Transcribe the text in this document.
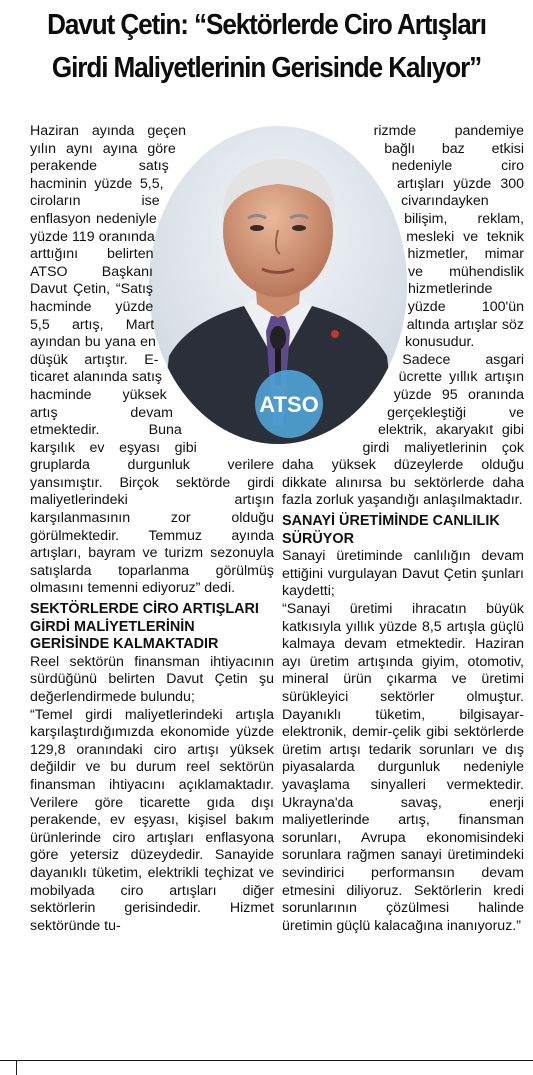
Davut Çetin: “Sektörlerde Ciro Artışları
Girdi Maliyetlerinin Gerisinde Kalıyor”
ATSO

Haziran ayında geçen yılın aynı ayına göre perakende satış hacminin yüzde 5,5, ciroların ise enflasyon nedeniyle yüzde 119 oranında arttığını belirten ATSO Başkanı Davut Çetin, “Satış hacminde yüzde 5,5 artış, Mart ayından bu yana en düşük artıştır. E-ticaret alanında satış hacminde yüksek artış devam etmektedir. Buna karşılık ev eşyası gibi gruplarda durgunluk verilere yansımıştır. Birçok sektörde girdi maliyetlerindeki artışın karşılanmasının zor olduğu görülmektedir. Temmuz ayında artışları, bayram ve turizm sezonuyla satışlarda toparlanma görülmüş olmasını temenni ediyoruz” dedi.

SEKTÖRLERDE CİRO ARTIŞLARI GİRDİ MALİYETLERİNİN GERİSİNDE KALMAKTADIR

Reel sektörün finansman ihtiyacının sürdüğünü belirten Davut Çetin şu değerlendirmede bulundu;

“Temel girdi maliyetlerindeki artışla karşılaştırdığımızda ekonomide yüzde 129,8 oranındaki ciro artışı yüksek değildir ve bu durum reel sektörün finansman ihtiyacını açıklamaktadır. Verilere göre ticarette gıda dışı perakende, ev eşyası, kişisel bakım ürünlerinde ciro artışları enflasyona göre yetersiz düzeydedir. Sanayide dayanıklı tüketim, elektrikli teçhizat ve mobilyada ciro artışları diğer sektörlerin gerisindedir. Hizmet sektöründe tu-

rizmde pandemiye bağlı baz etkisi nedeniyle ciro artışları yüzde 300 civarındayken bilişim, reklam, mesleki ve teknik hizmetler, mimar ve mühendislik hizmetlerinde yüzde 100'ün altında artışlar söz konusudur. Sadece asgari ücrette yıllık artışın yüzde 95 oranında gerçekleştiği ve elektrik, akaryakıt gibi girdi maliyetlerinin çok daha yüksek düzeylerde olduğu dikkate alınırsa bu sektörlerde daha fazla zorluk yaşandığı anlaşılmaktadır.

SANAYİ ÜRETİMİNDE CANLILIK SÜRÜYOR

Sanayi üretiminde canlılığın devam ettiğini vurgulayan Davut Çetin şunları kaydetti;

“Sanayi üretimi ihracatın büyük katkısıyla yıllık yüzde 8,5 artışla güçlü kalmaya devam etmektedir. Haziran ayı üretim artışında giyim, otomotiv, mineral ürün çıkarma ve üretimi sürükleyici sektörler olmuştur. Dayanıklı tüketim, bilgisayar-elektronik, demir-çelik gibi sektörlerde üretim artışı tedarik sorunları ve dış piyasalarda durgunluk nedeniyle yavaşlama sinyalleri vermektedir. Ukrayna'da savaş, enerji maliyetlerinde artış, finansman sorunları, Avrupa ekonomisindeki sorunlara rağmen sanayi üretimindeki sevindirici performansın devam etmesini diliyoruz. Sektörlerin kredi sorunlarının çözülmesi halinde üretimin güçlü kalacağına inanıyoruz.”
